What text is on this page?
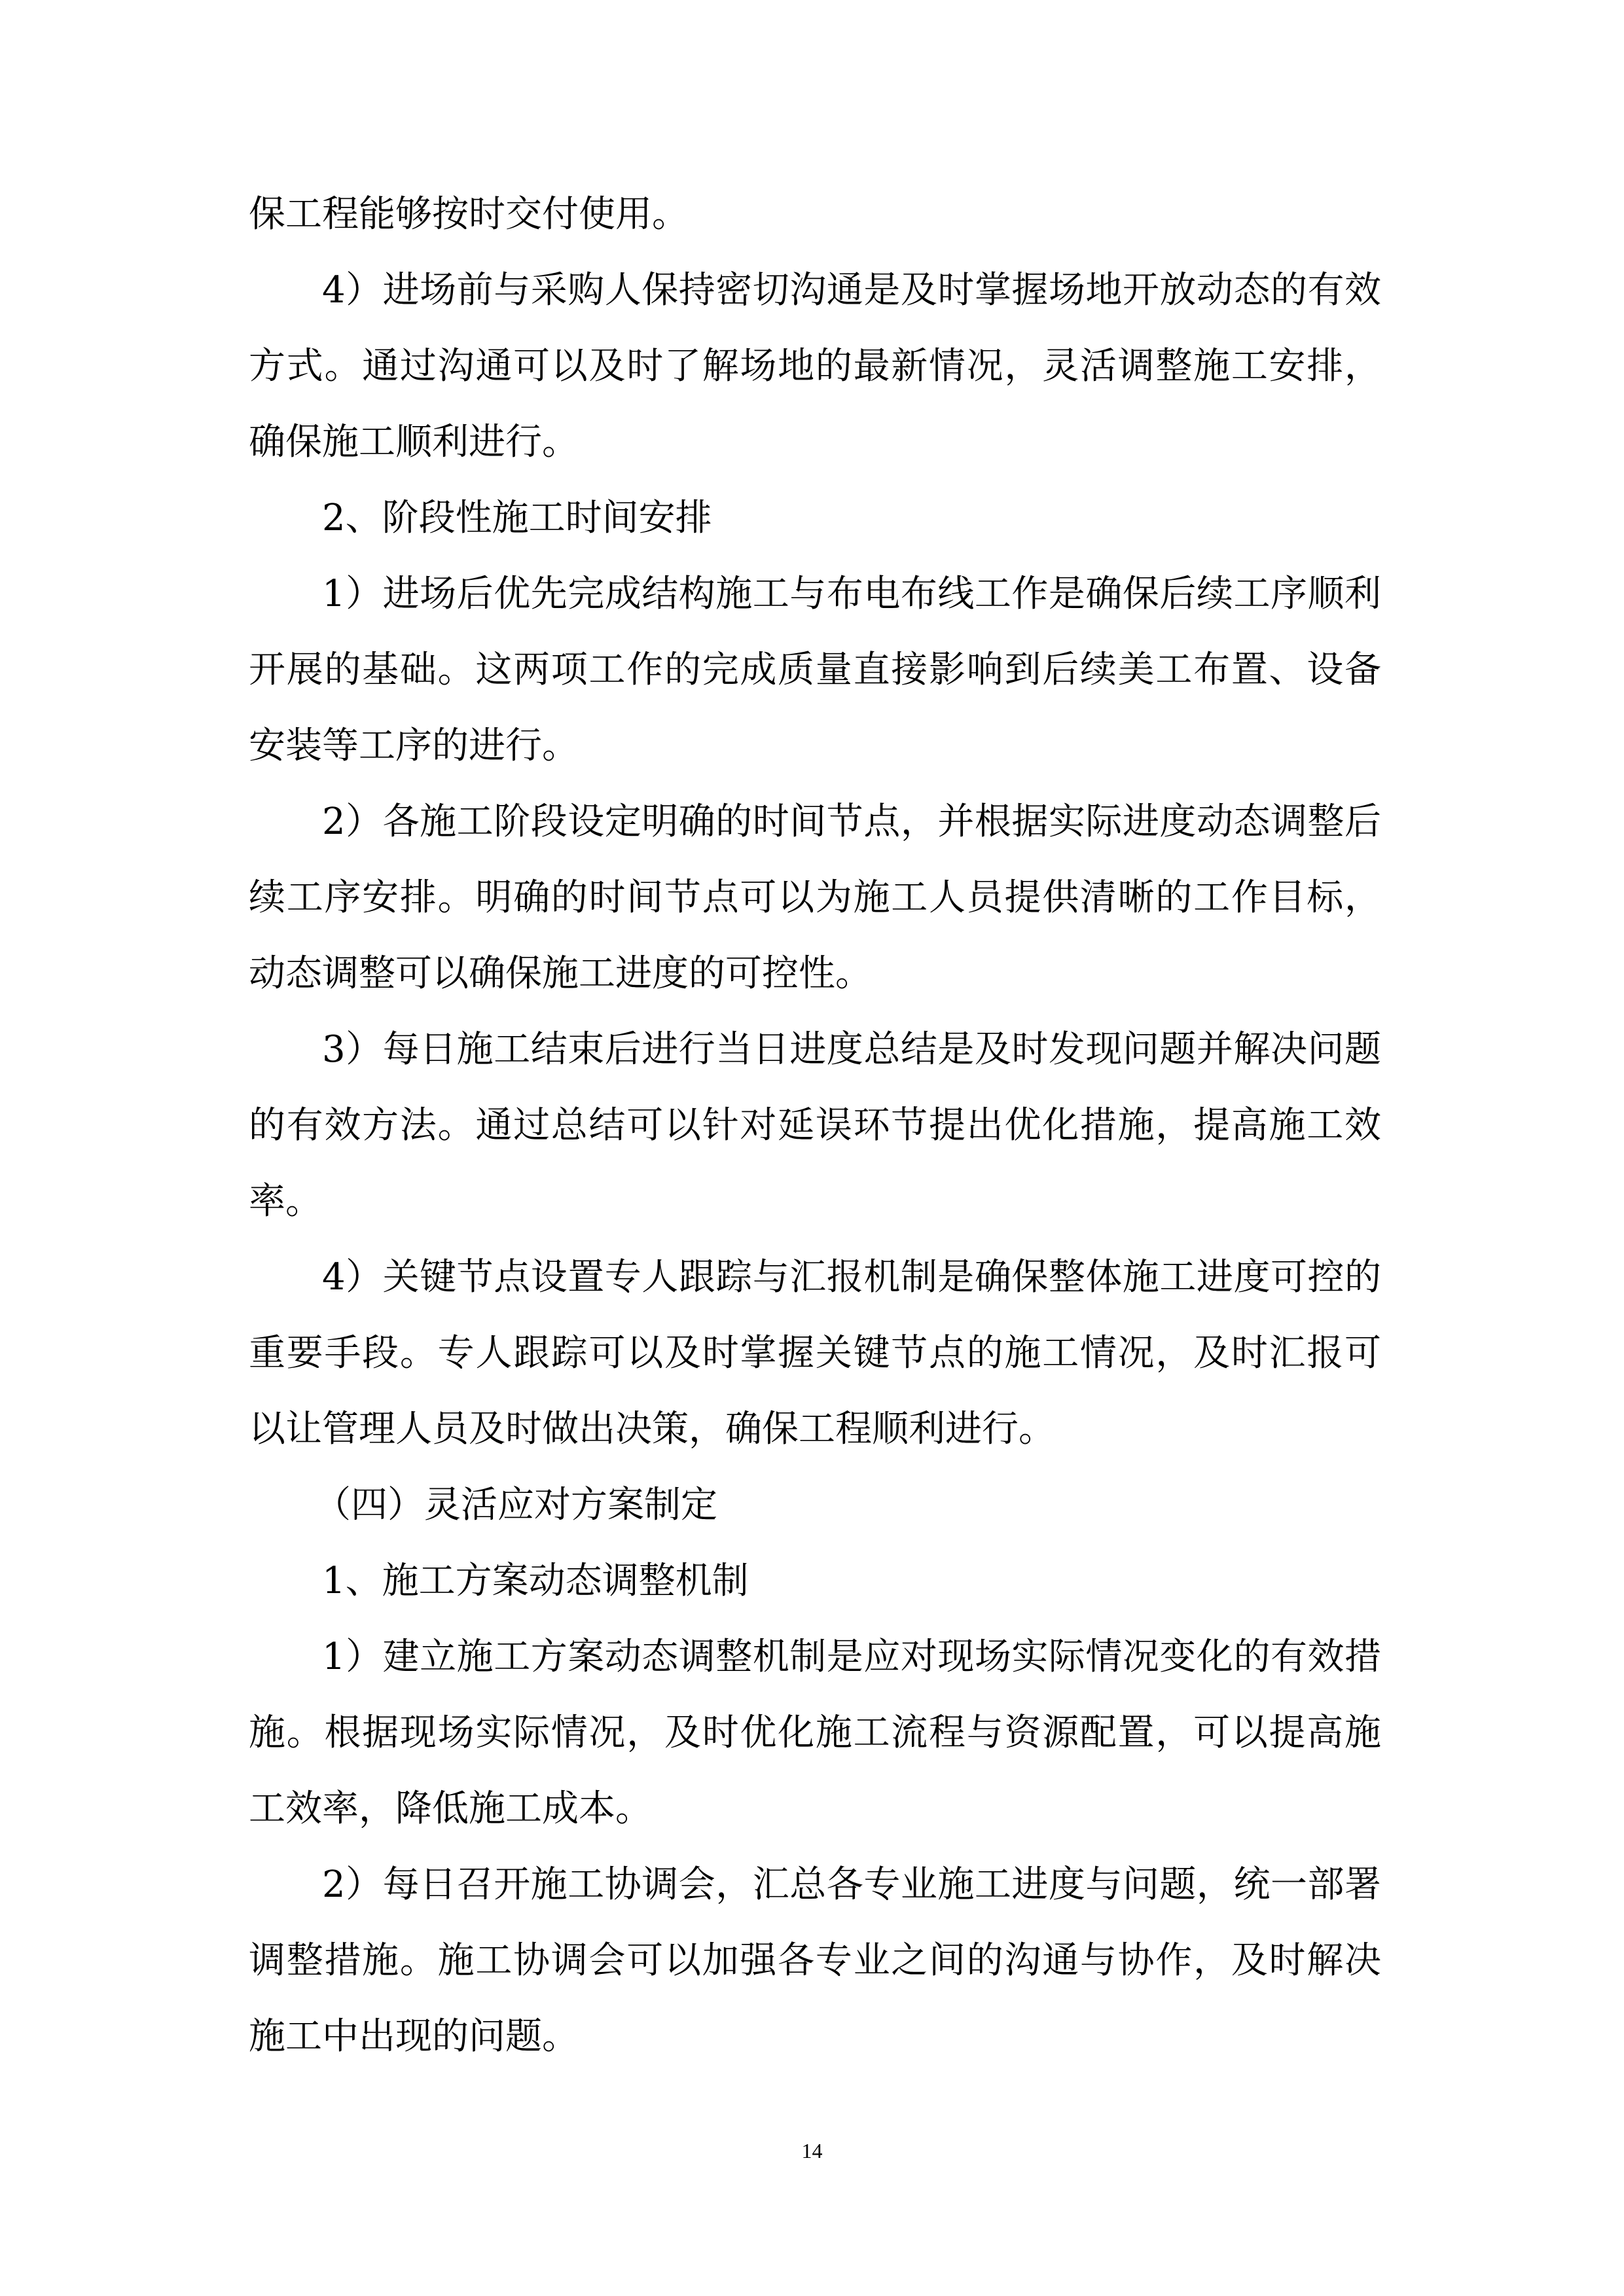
保工程能够按时交付使用。

4）进场前与采购人保持密切沟通是及时掌握场地开放动态的有效方式。通过沟通可以及时了解场地的最新情况，灵活调整施工安排，确保施工顺利进行。

2、阶段性施工时间安排

1）进场后优先完成结构施工与布电布线工作是确保后续工序顺利开展的基础。这两项工作的完成质量直接影响到后续美工布置、设备安装等工序的进行。

2）各施工阶段设定明确的时间节点，并根据实际进度动态调整后续工序安排。明确的时间节点可以为施工人员提供清晰的工作目标，动态调整可以确保施工进度的可控性。

3）每日施工结束后进行当日进度总结是及时发现问题并解决问题的有效方法。通过总结可以针对延误环节提出优化措施，提高施工效率。

4）关键节点设置专人跟踪与汇报机制是确保整体施工进度可控的重要手段。专人跟踪可以及时掌握关键节点的施工情况，及时汇报可以让管理人员及时做出决策，确保工程顺利进行。

（四）灵活应对方案制定

1、施工方案动态调整机制

1）建立施工方案动态调整机制是应对现场实际情况变化的有效措施。根据现场实际情况，及时优化施工流程与资源配置，可以提高施工效率，降低施工成本。

2）每日召开施工协调会，汇总各专业施工进度与问题，统一部署调整措施。施工协调会可以加强各专业之间的沟通与协作，及时解决施工中出现的问题。

14
